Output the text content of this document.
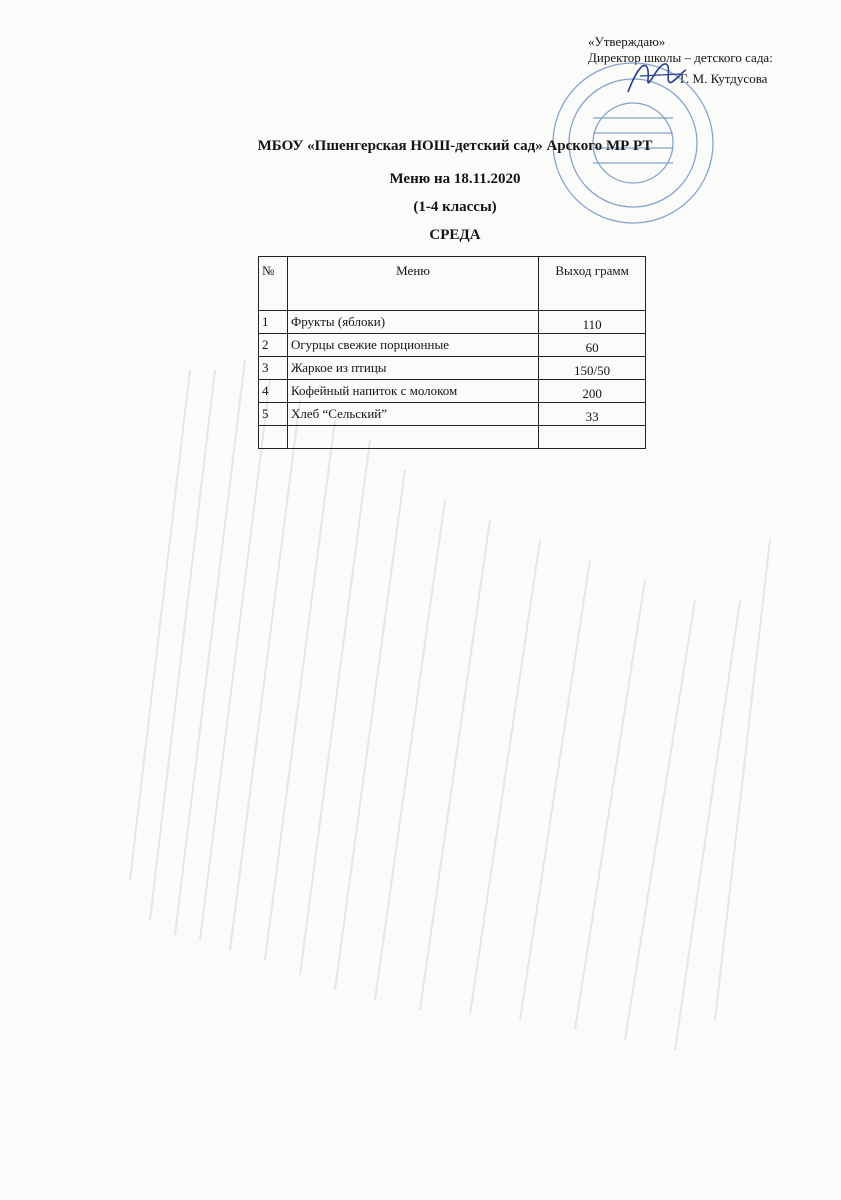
«Утверждаю»
Директор школы – детского сада:
Г. М. Кутдусова
МБОУ «Пшенгерская НОШ-детский сад» Арского МР РТ
Меню на 18.11.2020
(1-4 классы)
СРЕДА
№	Меню	Выход грамм
1	Фрукты (яблоки)	110
2	Огурцы свежие порционные	60
3	Жаркое из птицы	150/50
4	Кофейный напиток с молоком	200
5	Хлеб “Сельский”	33
